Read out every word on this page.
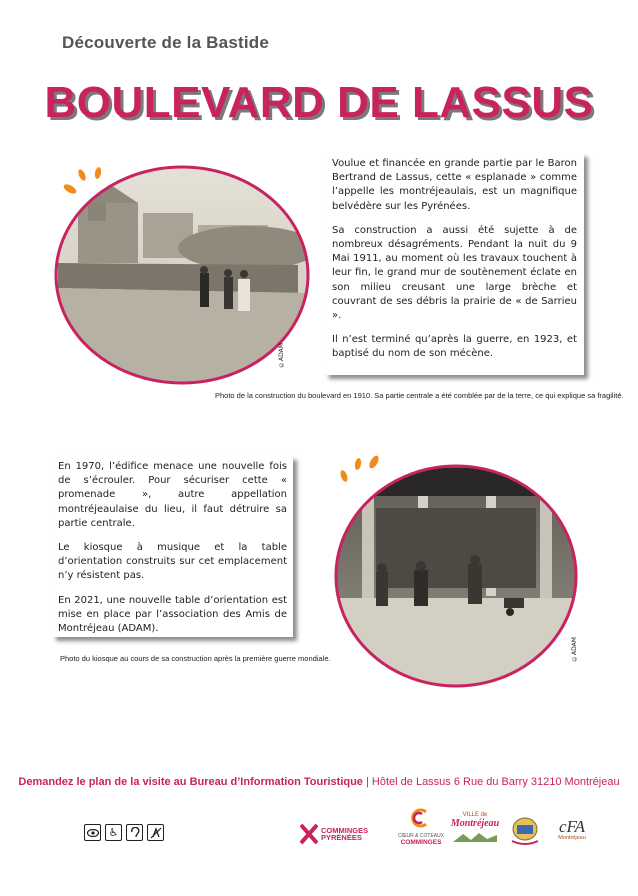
Découverte de la Bastide
BOULEVARD DE LASSUS
©ADAM

Voulue et financée en grande partie par le Baron Bertrand de Lassus, cette « esplanade » comme l’appelle les montréjeaulais, est un magnifique belvédère sur les Pyrénées.

Sa construction a aussi été sujette à de nombreux désagréments. Pendant la nuit du 9 Mai 1911, au moment où les travaux touchent à leur fin, le grand mur de soutènement éclate en son milieu creusant une large brèche et couvrant de ses débris la prairie de « de Sarrieu ».

Il n’est terminé qu’après la guerre, en 1923, et baptisé du nom de son mécène.

Photo de la construction du boulevard en 1910. Sa partie centrale a été comblée par de la terre, ce qui explique sa fragilité.

En 1970, l’édifice menace une nouvelle fois de s’écrouler. Pour sécuriser cette « promenade », autre appellation montréjeaulaise du lieu, il faut détruire sa partie centrale.

Le kiosque à musique et la table d’orientation construits sur cet emplacement n’y résistent pas.

En 2021, une nouvelle table d’orientation est mise en place par l’association des Amis de Montréjeau (ADAM).

Photo du kiosque au cours de sa construction après la première guerre mondiale.	©ADAM
Demandez le plan de la visite au Bureau d’Information Touristique | Hôtel de Lassus 6 Rue du Barry 31210 Montréjeau
♿	COMMINGES
PYRÉNÉES	CŒUR & COTEAUX
COMMINGES
VILLE de
Montréjeau	cFA
Montréjeau
